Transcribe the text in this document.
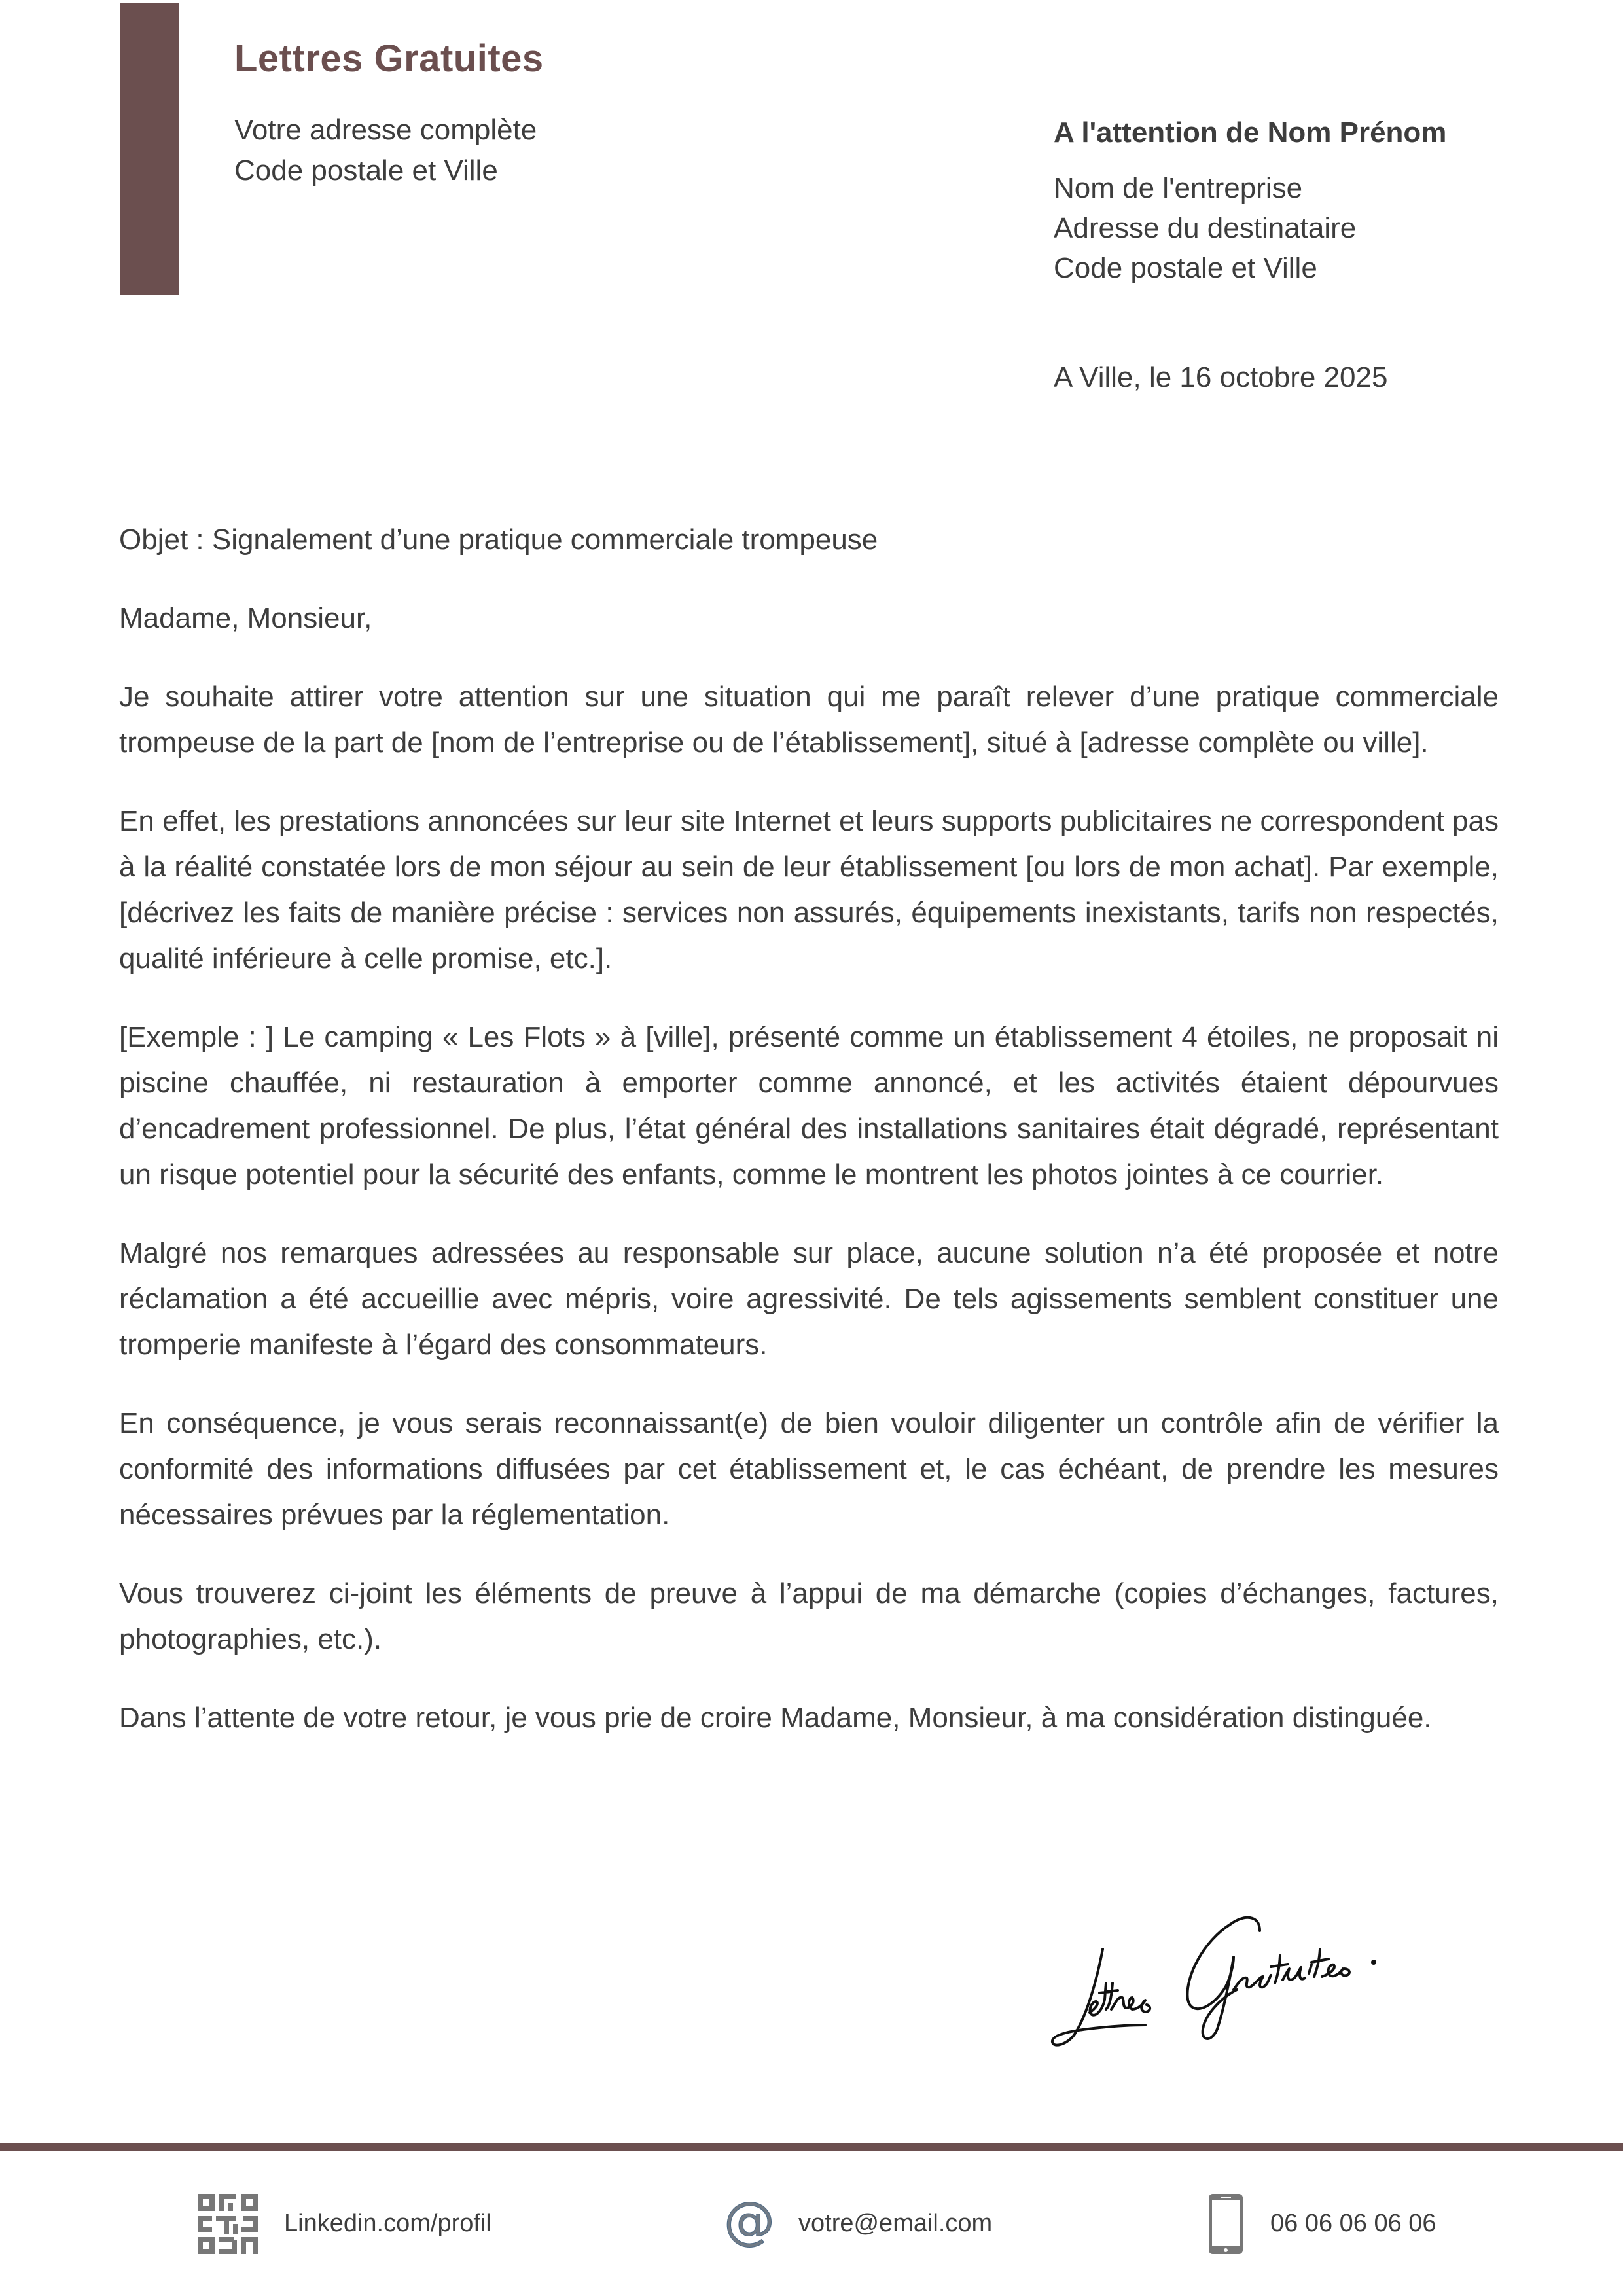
Lettres Gratuites
Votre adresse complète
Code postale et Ville
A l'attention de Nom Prénom
Nom de l'entreprise
Adresse du destinataire
Code postale et Ville
A Ville, le 16 octobre 2025

Objet : Signalement d’une pratique commerciale trompeuse

Madame, Monsieur,

Je souhaite attirer votre attention sur une situation qui me paraît relever d’une pratique commerciale trompeuse de la part de [nom de l’entreprise ou de l’établissement], situé à [adresse complète ou ville].

En effet, les prestations annoncées sur leur site Internet et leurs supports publicitaires ne correspondent pas à la réalité constatée lors de mon séjour au sein de leur établissement [ou lors de mon achat]. Par exemple, [décrivez les faits de manière précise : services non assurés, équipements inexistants, tarifs non respectés, qualité inférieure à celle promise, etc.].

[Exemple : ] Le camping « Les Flots » à [ville], présenté comme un établissement 4 étoiles, ne proposait ni piscine chauffée, ni restauration à emporter comme annoncé, et les activités étaient dépourvues d’encadrement professionnel. De plus, l’état général des installations sanitaires était dégradé, représentant un risque potentiel pour la sécurité des enfants, comme le montrent les photos jointes à ce courrier.

Malgré nos remarques adressées au responsable sur place, aucune solution n’a été proposée et notre réclamation a été accueillie avec mépris, voire agressivité. De tels agissements semblent constituer une tromperie manifeste à l’égard des consommateurs.

En conséquence, je vous serais reconnaissant(e) de bien vouloir diligenter un contrôle afin de vérifier la conformité des informations diffusées par cet établissement et, le cas échéant, de prendre les mesures nécessaires prévues par la réglementation.

Vous trouverez ci-joint les éléments de preuve à l’appui de ma démarche (copies d’échanges, factures, photographies, etc.).

Dans l’attente de votre retour, je vous prie de croire Madame, Monsieur, à ma considération distinguée.

Linkedin.com/profil	@ votre@email.com	06 06 06 06 06
